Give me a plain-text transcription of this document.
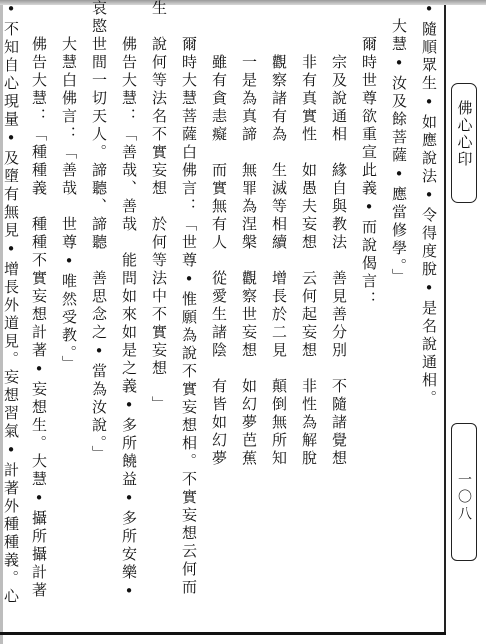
•隨順眾生•如應說法•令得度脫•是名說通相。
　大慧•汝及餘菩薩•應當修學。」
　　爾時世尊欲重宣此義•而說偈言：
　　　宗及說通相　緣自與教法　善見善分別　不隨諸覺想
　　　非有真實性　如愚夫妄想　云何起妄想　非性為解脫
　　　觀察諸有為　生滅等相續　增長於二見　顛倒無所知
　　　一是為真諦　無罪為涅槃　觀察世妄想　如幻夢芭蕉
　　　雖有貪恚癡　而實無有人　從愛生諸陰　有皆如幻夢
　　爾時大慧菩薩白佛言：「世尊•惟願為說不實妄想相。不實妄想云何而
生　說何等法名不實妄想　於何等法中不實妄想　」
　　佛告大慧：「善哉、善哉　能問如來如是之義•多所饒益•多所安樂•
哀愍世間一切天人。諦聽、諦聽　善思念之•當為汝說。」
　　大慧白佛言：「善哉　世尊•唯然受教。」
　　佛告大慧：「種種義　種種不實妄想計著•妄想生。大慧•攝所攝計著
•不知自心現量•及墮有無見•增長外道見。妄想習氣•計著外種種義。心	佛心心印
一〇八
